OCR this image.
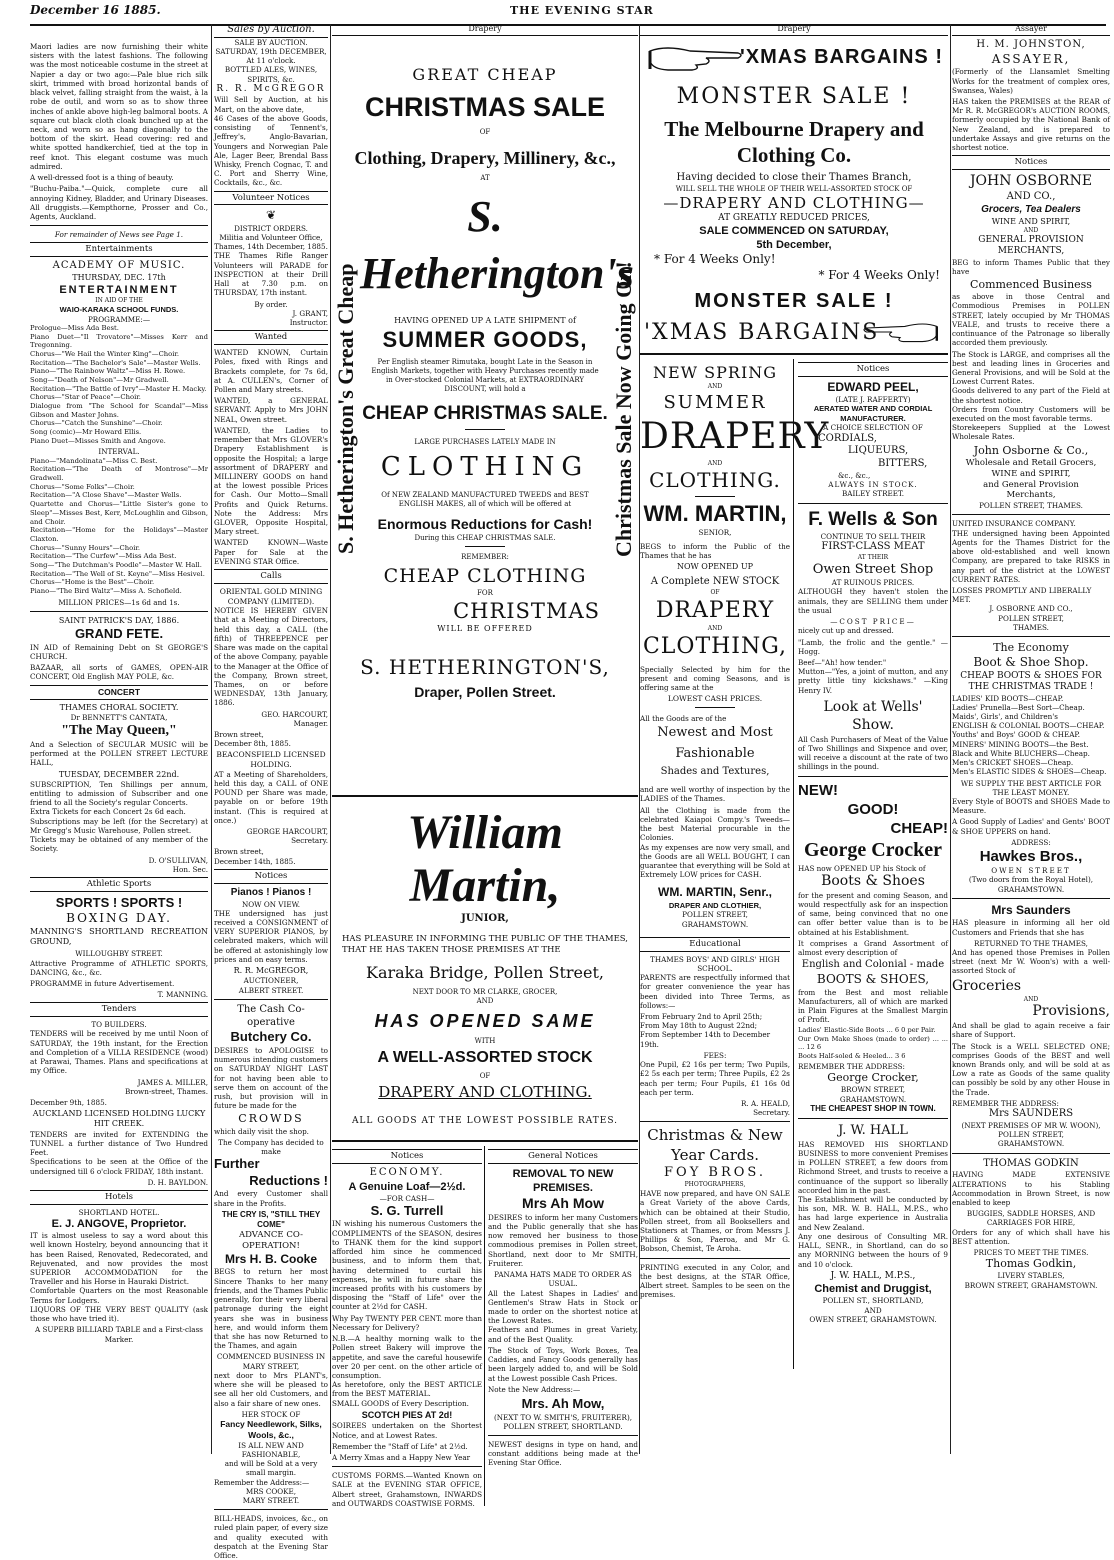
December 16 1885.	THE EVENING STAR

Maori ladies are now furnishing their white sisters with the latest fashions. The following was the most noticeable costume in the street at Napier a day or two ago:—Pale blue rich silk skirt, trimmed with broad horizontal bands of black velvet, falling straight from the waist, à la robe de outil, and worn so as to show three inches of ankle above high-leg balmoral boots. A square cut black cloth cloak bunched up at the neck, and worn so as hang diagonally to the bottom of the skirt. Head covering: red and white spotted handkerchief, tied at the top in reef knot. This elegant costume was much admired.

A well-dressed foot is a thing of beauty.

"Buchu-Paiba."—Quick, complete cure all annoying Kidney, Bladder, and Urinary Diseases. All druggists.—Kempthorne, Prosser and Co., Agents, Auckland.

For remainder of News see Page 1.
Entertainments
ACADEMY OF MUSIC.
THURSDAY, DEC. 17th
ENTERTAINMENT
IN AID OF THE
WAIO-KARAKA SCHOOL FUNDS.
PROGRAMME:—

Prologue—Miss Ada Best.
Piano Duet—"Il Trovatore"—Misses Kerr and Tregonning.
Chorus—"We Hail the Winter King"—Choir.
Recitation—"The Bachelor's Sale"—Master Wells.
Piano—"The Rainbow Waltz"—Miss H. Rowe.
Song—"Death of Nelson"—Mr Gradwell.
Recitation—"The Battle of Ivry"—Master H. Macky.
Chorus—"Star of Peace"—Choir.
Dialogue from "The School for Scandal"—Miss Gibson and Master Johns.
Chorus—"Catch the Sunshine"—Choir.
Song (comic)—Mr Howard Ellis.
Piano Duet—Misses Smith and Angove.

INTERVAL.

Piano—"Mandolinata"—Miss C. Best.
Recitation—"The Death of Montrose"—Mr Gradwell.
Chorus—"Some Folks"—Choir.
Recitation—"A Close Shave"—Master Wells.
Quartette and Chorus—"Little Sister's gone to Sleep"—Misses Best, Kerr, McLoughlin and Gibson, and Choir.
Recitation—"Home for the Holidays"—Master Claxton.
Chorus—"Sunny Hours"—Choir.
Recitation—"The Curfew"—Miss Ada Best.
Song—"The Dutchman's Poodle"—Master W. Hall.
Recitation—"The Well of St. Keyne"—Miss Hesivel.
Chorus—"Home is the Best"—Choir.
Piano—"The Bird Waltz"—Miss A. Schofield.

MILLION PRICES—1s 6d and 1s.
SAINT PATRICK'S DAY, 1886.
GRAND FETE.

IN AID of Remaining Debt on St GEORGE'S CHURCH.

BAZAAR, all sorts of GAMES, OPEN-AIR CONCERT, Old English MAY POLE, &c.

CONCERT
THAMES CHORAL SOCIETY.
Dr BENNETT'S CANTATA,
"The May Queen,"

And a Selection of SECULAR MUSIC will be performed at the POLLEN STREET LECTURE HALL,

TUESDAY, DECEMBER 22nd.

SUBSCRIPTION, Ten Shillings per annum, entitling to admission of Subscriber and one friend to all the Society's regular Concerts.
Extra Tickets for each Concert 2s 6d each.
Subscriptions may be left (for the Secretary) at Mr Gregg's Music Warehouse, Pollen street.
Tickets may be obtained of any member of the Society.

D. O'SULLIVAN,
Hon. Sec.

Athletic Sports
SPORTS ! SPORTS !
BOXING DAY.

MANNING'S SHORTLAND RECREATION GROUND,

WILLOUGHBY STREET.

Attractive Programme of ATHLETIC SPORTS, DANCING, &c., &c.

PROGRAMME in future Advertisement.

T. MANNING.

Tenders
TO BUILDERS.

TENDERS will be received by me until Noon of SATURDAY, the 19th instant, for the Erection and Completion of a VILLA RESIDENCE (wood) at Parawai, Thames. Plans and specifications at my Office.

JAMES A. MILLER,
Brown-street, Thames.

December 9th, 1885.

AUCKLAND LICENSED HOLDING LUCKY HIT CREEK.

TENDERS are invited for EXTENDING the TUNNEL a further distance of Two Hundred Feet.
Specifications to be seen at the Office of the undersigned till 6 o'clock FRIDAY, 18th instant.

D. H. BAYLDON.

Hotels
SHORTLAND HOTEL.
E. J. ANGOVE, Proprietor.

IT is almost useless to say a word about this well known Hostelry, beyond announcing that it has been Raised, Renovated, Redecorated, and Rejuvenated, and now provides the most SUPERIOR ACCOMMODATION for the Traveller and his Horse in Hauraki District.
Comfortable Quarters on the most Reasonable Terms for Lodgers.
LIQUORS OF THE VERY BEST QUALITY (ask those who have tried it).

A SUPERB BILLIARD TABLE and a First-class Marker.
Sales by Auction.
SALE BY AUCTION.
SATURDAY, 19th DECEMBER, At 11 o'clock.
BOTTLED ALES, WINES, SPIRITS, &c.
R. R. McGREGOR

Will Sell by Auction, at his Mart, on the above date,
46 Cases of the above Goods, consisting of Tennent's, Jeffrey's, Anglo-Bavarian, Youngers and Norwegian Pale Ale, Lager Beer, Brendal Bass Whisky, French Cognac, T. and C. Port and Sherry Wine, Cocktails, &c., &c.

Volunteer Notices
❦
DISTRICT ORDERS.
Militia and Volunteer Office,
Thames, 14th December, 1885.

THE Thames Rifle Ranger Volunteers will PARADE for INSPECTION at their Drill Hall at 7.30 p.m. on THURSDAY, 17th instant.

By order.

J. GRANT,
Instructor.

Wanted

WANTED KNOWN, Curtain Poles, fixed with Rings and Brackets complete, for 7s 6d, at A. CULLEN's, Corner of Pollen and Mary streets.

WANTED, a GENERAL SERVANT. Apply to Mrs JOHN NEAL, Owen street.

WANTED, the Ladies to remember that Mrs GLOVER's Drapery Establishment is opposite the Hospital; a large assortment of DRAPERY and MILLINERY GOODS on hand at the lowest possible Prices for Cash. Our Motto—Small Profits and Quick Returns. Note the Address: Mrs GLOVER, Opposite Hospital, Mary street.

WANTED KNOWN—Waste Paper for Sale at the EVENING STAR Office.

Calls
ORIENTAL GOLD MINING COMPANY (LIMITED).

NOTICE IS HEREBY GIVEN that at a Meeting of Directors, held this day, a CALL (the fifth) of THREEPENCE per Share was made on the capital of the above Company, payable to the Manager at the Office of the Company, Brown street, Thames, on or before WEDNESDAY, 13th January, 1886.

GEO. HARCOURT,
Manager.

Brown street,
December 8th, 1885.

BEACONSFIELD LICENSED HOLDING.

AT a Meeting of Shareholders, held this day, a CALL of ONE POUND per Share was made, payable on or before 19th instant. (This is required at once.)

GEORGE HARCOURT,
Secretary.

Brown street,
December 14th, 1885.

Notices
Pianos ! Pianos !
NOW ON VIEW.

THE undersigned has just received a CONSIGNMENT of VERY SUPERIOR PIANOS, by celebrated makers, which will be offered at astonishingly low prices and on easy terms.

R. R. McGREGOR,
AUCTIONEER,
ALBERT STREET.
The Cash Co-operative
Butchery Co.

DESIRES to APOLOGISE to numerous intending customers on SATURDAY NIGHT LAST for not having been able to serve them on account of the rush, but provision will in future be made for the

CROWDS

which daily visit the shop.

The Company has decided to make
Further
Reductions !

And every Customer shall share in the Profits.

THE CRY IS, "STILL THEY COME"
ADVANCE CO-OPERATION!
Mrs H. B. Cooke

BEGS to return her most Sincere Thanks to her many friends, and the Thames Public generally, for their very liberal patronage during the eight years she was in business here, and would inform them that she has now Returned to the Thames, and again

COMMENCED BUSINESS IN MARY STREET,

next door to Mrs PLANT's, where she will be pleased to see all her old Customers, and also a fair share of new ones.

HER STOCK OF
Fancy Needlework, Silks, Wools, &c.,
IS ALL NEW AND FASHIONABLE,
and will be Sold at a very small margin.
Remember the Address:—
MRS COOKE,
MARY STREET.

BILL-HEADS, invoices, &c., on ruled plain paper, of every size and quality executed with despatch at the Evening Star Office.

Drapery
S. Hetherington's Great Cheap	Christmas Sale Now Going On!
GREAT CHEAP
CHRISTMAS SALE
OF
Clothing, Drapery, Millinery, &c.,
AT
S. Hetherington's
HAVING OPENED UP A LATE SHIPMENT of
SUMMER GOODS,
Per English steamer Rimutaka, bought Late in the Season in English Markets, together with Heavy Purchases recently made in Over-stocked Colonial Markets, at EXTRAORDINARY DISCOUNT, will hold a
CHEAP CHRISTMAS SALE.
LARGE PURCHASES LATELY MADE IN
CLOTHING
Of NEW ZEALAND MANUFACTURED TWEEDS and BEST ENGLISH MAKES, all of which will be offered at
Enormous Reductions for Cash!
During this CHEAP CHRISTMAS SALE.
REMEMBER:
CHEAP CLOTHING
FOR
CHRISTMAS
WILL BE OFFERED
S. HETHERINGTON'S,
Draper, Pollen Street.
William Martin,
JUNIOR,

HAS PLEASURE IN INFORMING THE PUBLIC OF THE THAMES, THAT HE HAS TAKEN THOSE PREMISES AT THE

Karaka Bridge, Pollen Street,
NEXT DOOR TO MR CLARKE, GROCER,
AND
HAS OPENED SAME
WITH
A WELL-ASSORTED STOCK
OF
DRAPERY AND CLOTHING.
ALL GOODS AT THE LOWEST POSSIBLE RATES.
Notices
ECONOMY.
A Genuine Loaf—2½d.
—FOR CASH—
S. G. Turrell

IN wishing his numerous Customers the COMPLIMENTS of the SEASON, desires to THANK them for the kind support afforded him since he commenced business, and to inform them that, having determined to curtail his expenses, he will in future share the increased profits with his customers by disposing the "Staff of Life" over the counter at 2½d for CASH.

Why Pay TWENTY PER CENT. more than Necessary for Delivery?

N.B.—A healthy morning walk to the Pollen street Bakery will improve the appetite, and save the careful housewife over 20 per cent. on the other article of consumption.
As heretofore, only the BEST ARTICLE from the BEST MATERIAL.
SMALL GOODS of Every Description.

SCOTCH PIES AT 2d!

SOIREES undertaken on the Shortest Notice, and at Lowest Rates.

Remember the "Staff of Life" at 2½d.

A Merry Xmas and a Happy New Year

CUSTOMS FORMS.—Wanted Known on SALE at the EVENING STAR OFFICE, Albert street, Grahamstown, INWARDS and OUTWARDS COASTWISE FORMS.

General Notices
REMOVAL TO NEW PREMISES.
Mrs Ah Mow

DESIRES to inform her many Customers and the Public generally that she has now removed her business to those commodious premises in Pollen street, Shortland, next door to Mr SMITH, Fruiterer.

PANAMA HATS MADE TO ORDER AS USUAL.

All the Latest Shapes in Ladies' and Gentlemen's Straw Hats in Stock or made to order on the shortest notice at the Lowest Rates.
Feathers and Plumes in great Variety, and of the Best Quality.

The Stock of Toys, Work Boxes, Tea Caddies, and Fancy Goods generally has been largely added to, and will be Sold at the Lowest possible Cash Prices.

Note the New Address:—

Mrs. Ah Mow,
(NEXT TO W. SMITH'S, FRUITERER), POLLEN STREET, SHORTLAND.

NEWEST designs in type on hand, and constant additions being made at the Evening Star Office.

Drapery
'XMAS BARGAINS !
MONSTER SALE !
The Melbourne Drapery and Clothing Co.
Having decided to close their Thames Branch,
WILL SELL THE WHOLE OF THEIR WELL-ASSORTED STOCK OF
—DRAPERY AND CLOTHING—
AT GREATLY REDUCED PRICES,
SALE COMMENCED ON SATURDAY,
5th December,
* For 4 Weeks Only!
* For 4 Weeks Only!
MONSTER SALE !
'XMAS BARGAINS
NEW SPRING
AND
SUMMER
DRAPERY
AND
CLOTHING.
WM. MARTIN,
SENIOR,

BEGS to inform the Public of the Thames that he has

NOW OPENED UP
A Complete NEW STOCK
OF
DRAPERY
AND
CLOTHING,

Specially Selected by him for the present and coming Seasons, and is offering same at the

LOWEST CASH PRICES.

All the Goods are of the

Newest and Most
Fashionable
Shades and Textures,

and are well worthy of inspection by the LADIES of the Thames.

All the Clothing is made from the celebrated Kaiapoi Compy.'s Tweeds—the best Material procurable in the Colonies.
As my expenses are now very small, and the Goods are all WELL BOUGHT, I can guarantee that everything will be Sold at Extremely LOW prices for CASH.

WM. MARTIN, Senr.,
DRAPER AND CLOTHIER,
POLLEN STREET,
GRAHAMSTOWN.
Educational
THAMES BOYS' AND GIRLS' HIGH SCHOOL.

PARENTS are respectfully informed that for greater convenience the year has been divided into Three Terms, as follows:—

From February 2nd to April 25th;
From May 18th to August 22nd;
From September 14th to December 19th.

FEES:

One Pupil, £2 16s per term; Two Pupils, £2 5s each per term; Three Pupils, £2 2s each per term; Four Pupils, £1 16s 0d each per term.

R. A. HEALD,
Secretary.

Christmas & New Year Cards.
FOY BROS.
PHOTOGRAPHERS,

HAVE now prepared, and have ON SALE a Great Variety of the above Cards, which can be obtained at their Studio, Pollen street, from all Booksellers and Stationers at Thames, or from Messrs J. Phillips & Son, Paeroa, and Mr G. Bobson, Chemist, Te Aroha.

PRINTING executed in any Color, and the best designs, at the STAR Office, Albert street. Samples to be seen on the premises.

Notices
EDWARD PEEL,
(LATE J. RAFFERTY)
AERATED WATER AND CORDIAL MANUFACTURER.
A CHOICE SELECTION OF
CORDIALS,
LIQUEURS,
BITTERS,
&c., &c.,
ALWAYS IN STOCK.
BAILEY STREET.
F. Wells & Son
CONTINUE TO SELL THEIR
FIRST-CLASS MEAT
AT THEIR
Owen Street Shop
AT RUINOUS PRICES.

ALTHOUGH they haven't stolen the animals, they are SELLING them under the usual

—COST PRICE—

nicely cut up and dressed.

"Lamb, the frolic and the gentle." —Hogg.

Beef—"Ah! how tender."
Mutton—"Yes, a joint of mutton, and any pretty little tiny kickshaws." —King Henry IV.

Look at Wells'
Show.

All Cash Purchasers of Meat of the Value of Two Shillings and Sixpence and over, will receive a discount at the rate of two shillings in the pound.

NEW!
GOOD!
CHEAP!
George Crocker
HAS now OPENED UP his Stock of
Boots & Shoes

for the present and coming Season, and would respectfully ask for an inspection of same, being convinced that no one can offer better value than is to be obtained at his Establishment.

It comprises a Grand Assortment of almost every description of

English and Colonial - made
BOOTS & SHOES,

from the Best and most reliable Manufacturers, all of which are marked in Plain Figures at the Smallest Margin of Profit.

Ladies' Elastic-Side Boots ... 6 0 per Pair.
Our Own Make Shoes (made to order) ... ... ... 12 6
Boots Half-soled & Heeled... 3 6

REMEMBER THE ADDRESS:
George Crocker,
BROWN STREET,
GRAHAMSTOWN.
THE CHEAPEST SHOP IN TOWN.
J. W. HALL

HAS REMOVED HIS SHORTLAND BUSINESS to more convenient Premises in POLLEN STREET, a few doors from Richmond Street, and trusts to receive a continuance of the support so liberally accorded him in the past.
The Establishment will be conducted by his son, MR. W. B. HALL, M.P.S., who has had large experience in Australia and New Zealand.
Any one desirous of Consulting MR. HALL, SENR., in Shortland, can do so any MORNING between the hours of 9 and 10 o'clock.

J. W. HALL, M.P.S.,
Chemist and Druggist,
POLLEN ST., SHORTLAND,
AND
OWEN STREET, GRAHAMSTOWN.
Assayer
H. M. JOHNSTON,
ASSAYER,

(Formerly of the Llansamlet Smelting Works for the treatment of complex ores, Swansea, Wales)

HAS taken the PREMISES at the REAR of Mr R. R. McGREGOR's AUCTION ROOMS, formerly occupied by the National Bank of New Zealand, and is prepared to undertake Assays and give returns on the shortest notice.

Notices
JOHN OSBORNE
AND CO.,
Grocers, Tea Dealers
WINE AND SPIRIT,
AND
GENERAL PROVISION
MERCHANTS,

BEG to inform Thames Public that they have

Commenced Business

as above in those Central and Commodious Premises in POLLEN STREET, lately occupied by Mr THOMAS VEALE, and trusts to receive there a continuance of the Patronage so liberally accorded them previously.

The Stock is LARGE, and comprises all the best and leading lines in Groceries and General Provisions, and will be Sold at the Lowest Current Rates.
Goods delivered to any part of the Field at the shortest notice.
Orders from Country Customers will be executed on the most favorable terms.
Storekeepers Supplied at the Lowest Wholesale Rates.

John Osborne & Co.,
Wholesale and Retail Grocers,
WINE and SPIRIT,
and General Provision
Merchants,
POLLEN STREET, THAMES.
UNITED INSURANCE COMPANY.

THE undersigned having been Appointed Agents for the Thames District for the above old-established and well known Company, are prepared to take RISKS in any part of the district at the LOWEST CURRENT RATES.

LOSSES PROMPTLY AND LIBERALLY MET.
J. OSBORNE AND CO.,
POLLEN STREET,
THAMES.
The Economy
Boot & Shoe Shop.
CHEAP BOOTS & SHOES FOR THE CHRISTMAS TRADE !

LADIES' KID BOOTS—CHEAP.
Ladies' Prunella—Best Sort—Cheap.
Maids', Girls', and Children's
ENGLISH & COLONIAL BOOTS—CHEAP.
Youths' and Boys' GOOD & CHEAP.
MINERS' MINING BOOTS—the Best.
Black and White BLUCHERS—Cheap.
Men's CRICKET SHOES—Cheap.
Men's ELASTIC SIDES & SHOES—Cheap.

WE SUPPLY THE BEST ARTICLE FOR THE LEAST MONEY.

Every Style of BOOTS and SHOES Made to Measure.

A Good Supply of Ladies' and Gents' BOOT & SHOE UPPERS on hand.

ADDRESS:
Hawkes Bros.,
OWEN STREET
(Two doors from the Royal Hotel),
GRAHAMSTOWN.
Mrs Saunders

HAS pleasure in informing all her old Customers and Friends that she has

RETURNED TO THE THAMES,

And has opened those Premises in Pollen street (next Mr W. Woon's) with a well-assorted Stock of

Groceries
AND
Provisions,

And shall be glad to again receive a fair share of Support.

The Stock is a WELL SELECTED ONE; comprises Goods of the BEST and well known Brands only, and will be sold at as Low a rate as Goods of the same quality can possibly be sold by any other House in the Trade.

REMEMBER THE ADDRESS:
Mrs SAUNDERS
(NEXT PREMISES OF MR W. WOON),
POLLEN STREET,
GRAHAMSTOWN.
THOMAS GODKIN

HAVING MADE EXTENSIVE ALTERATIONS to his Stabling Accommodation in Brown Street, is now enabled to keep

BUGGIES, SADDLE HORSES, AND CARRIAGES FOR HIRE,

Orders for any of which shall have his BEST attention.

PRICES TO MEET THE TIMES.
Thomas Godkin,
LIVERY STABLES,
BROWN STREET, GRAHAMSTOWN.
